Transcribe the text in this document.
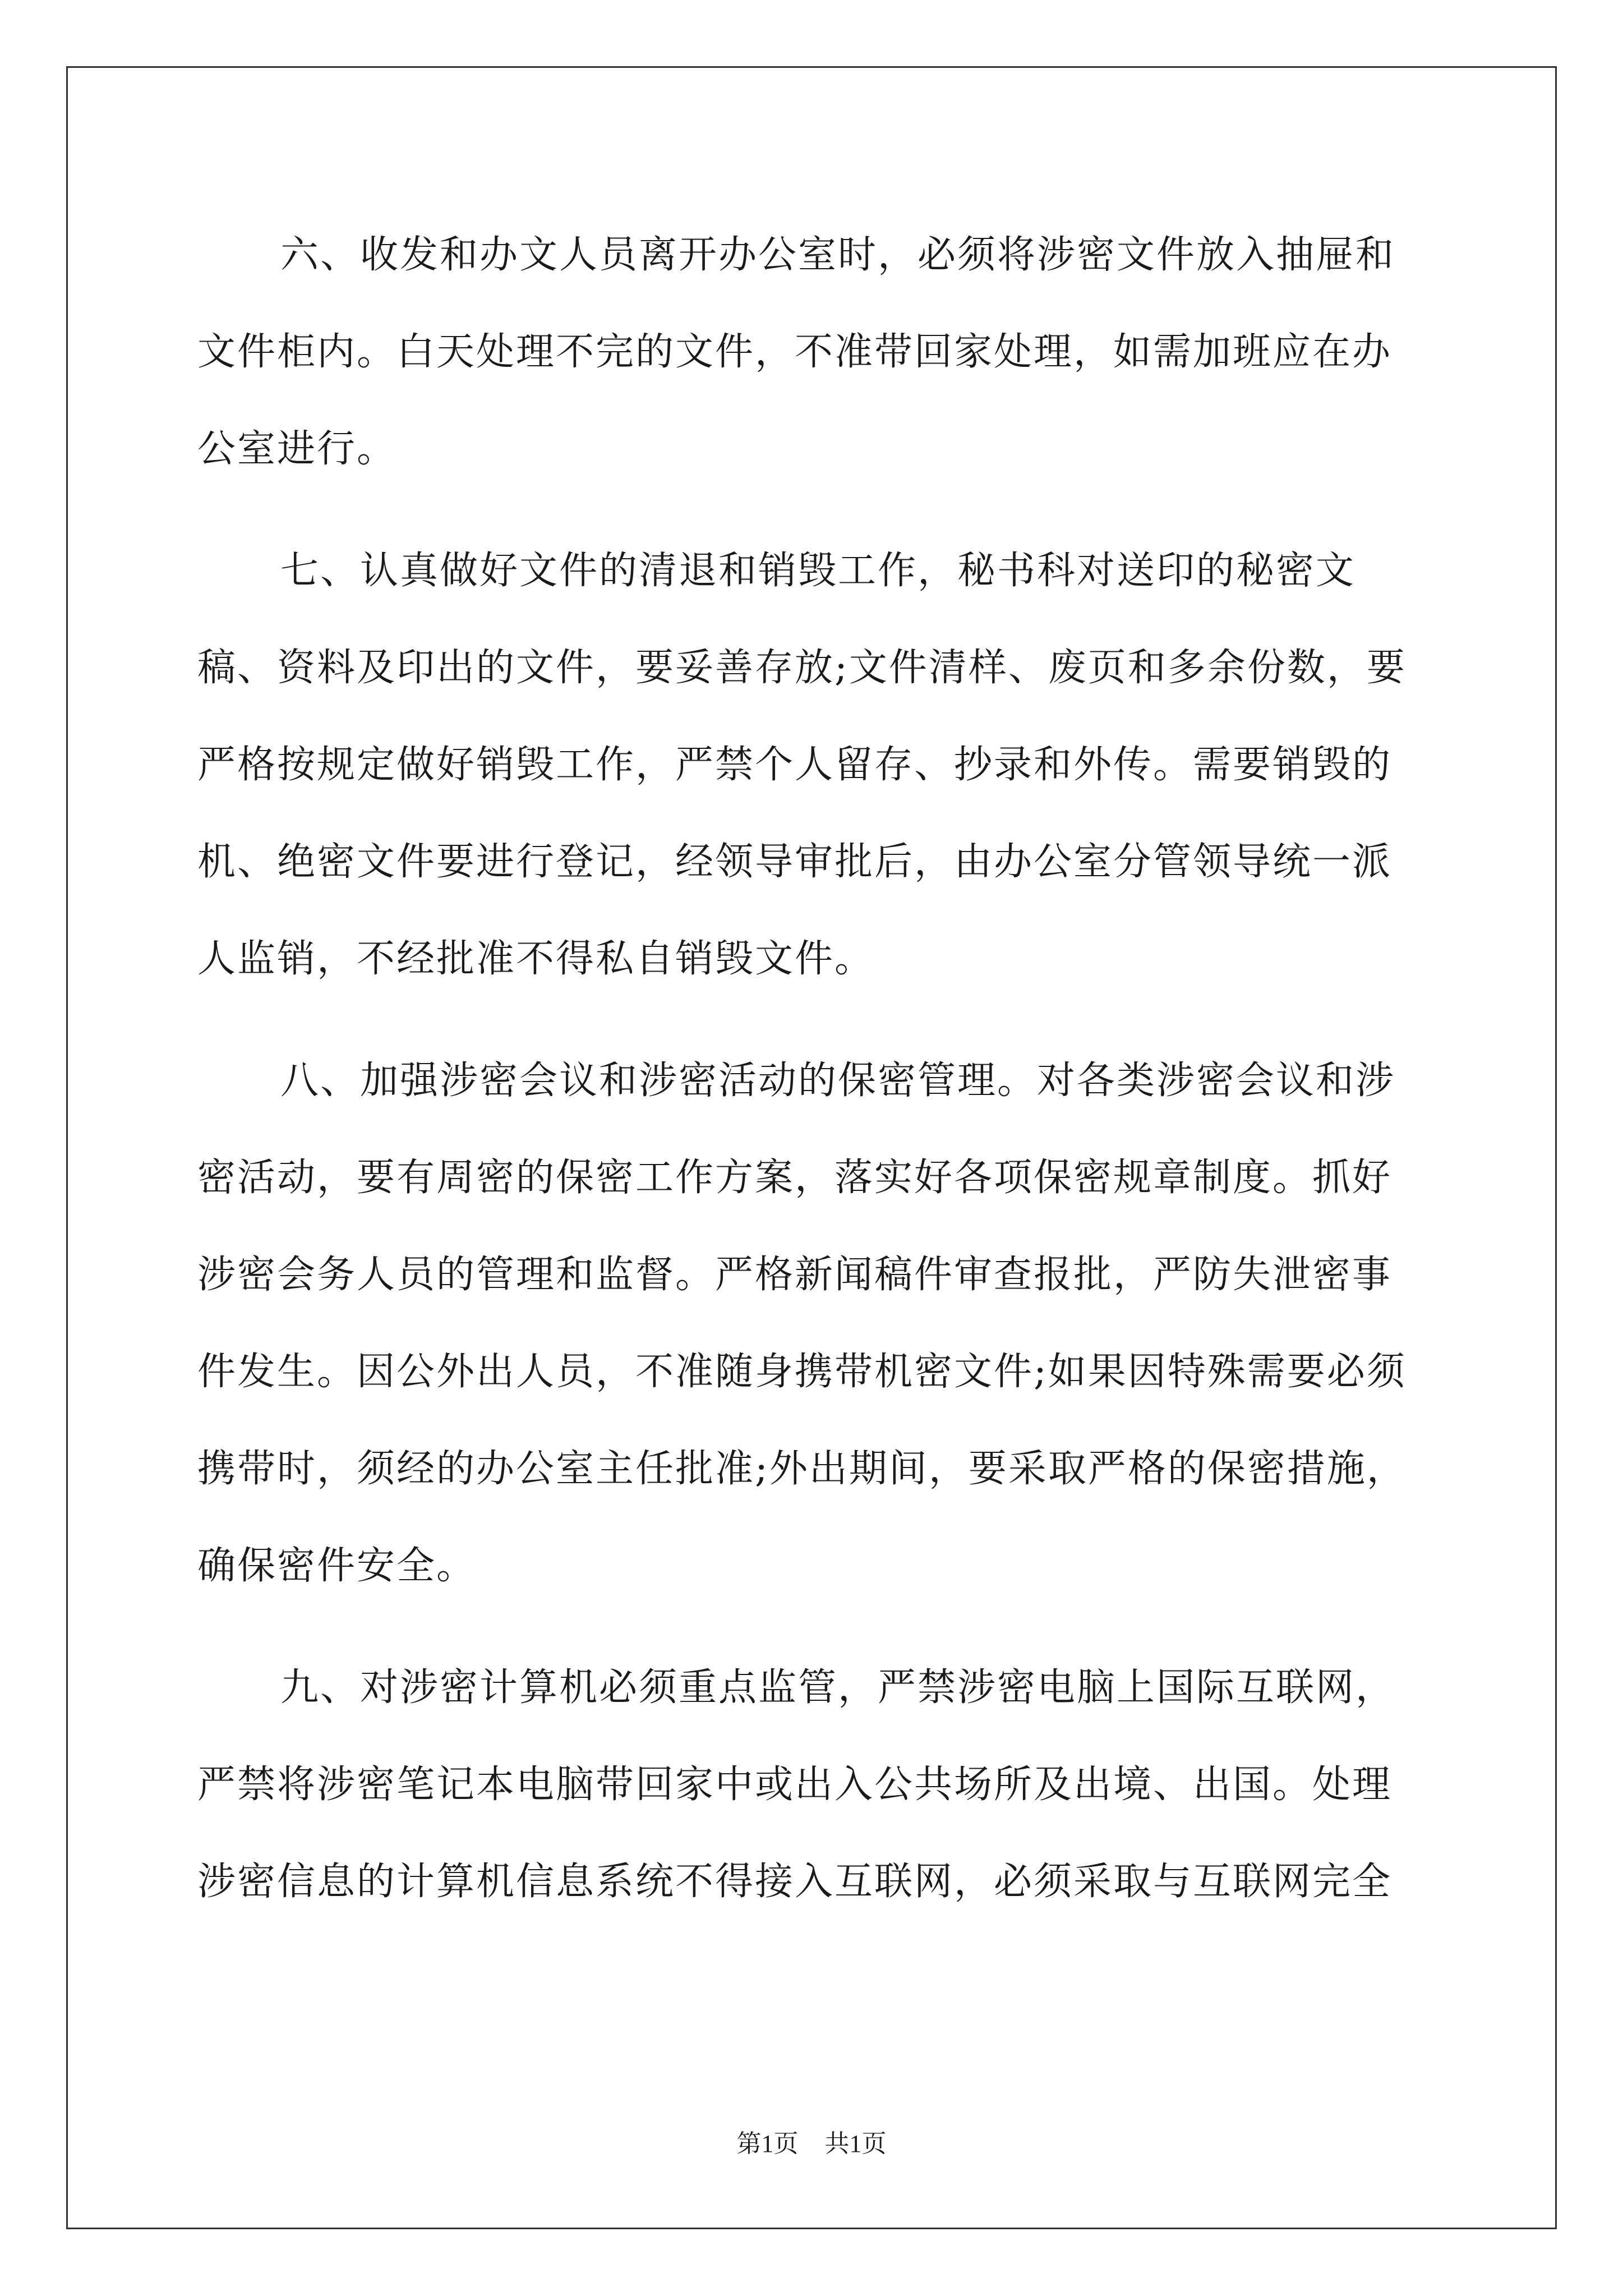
六、收发和办文人员离开办公室时，必须将涉密文件放入抽屉和文件柜内。白天处理不完的文件，不准带回家处理，如需加班应在办公室进行。

七、认真做好文件的清退和销毁工作，秘书科对送印的秘密文稿、资料及印出的文件，要妥善存放;文件清样、废页和多余份数，要严格按规定做好销毁工作，严禁个人留存、抄录和外传。需要销毁的机、绝密文件要进行登记，经领导审批后，由办公室分管领导统一派人监销，不经批准不得私自销毁文件。

八、加强涉密会议和涉密活动的保密管理。对各类涉密会议和涉密活动，要有周密的保密工作方案，落实好各项保密规章制度。抓好涉密会务人员的管理和监督。严格新闻稿件审查报批，严防失泄密事件发生。因公外出人员，不准随身携带机密文件;如果因特殊需要必须携带时，须经的办公室主任批准;外出期间，要采取严格的保密措施，确保密件安全。

九、对涉密计算机必须重点监管，严禁涉密电脑上国际互联网，严禁将涉密笔记本电脑带回家中或出入公共场所及出境、出国。处理涉密信息的计算机信息系统不得接入互联网，必须采取与互联网完全

第1页 共1页
